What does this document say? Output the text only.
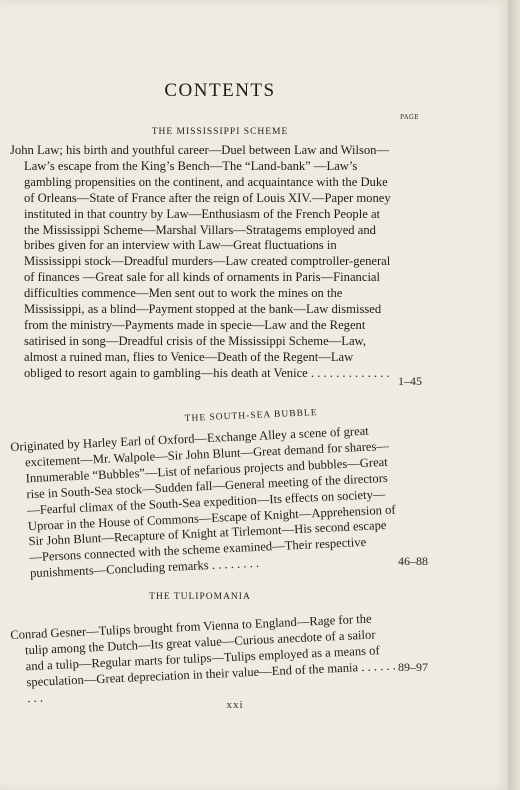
CONTENTS
PAGE
THE MISSISSIPPI SCHEME

John Law; his birth and youthful career—Duel between Law and Wilson—Law’s escape from the King’s Bench—The “Land-bank” —Law’s gambling propensities on the continent, and acquaintance with the Duke of Orleans—State of France after the reign of Louis XIV.—Paper money instituted in that country by Law—Enthusiasm of the French People at the Mississippi Scheme—Marshal Villars—Stratagems employed and bribes given for an interview with Law—Great fluctuations in Mississippi stock—Dreadful murders—Law created comptroller-general of finances —Great sale for all kinds of ornaments in Paris—Financial difficulties commence—Men sent out to work the mines on the Mississippi, as a blind—Payment stopped at the bank—Law dismissed from the ministry—Payments made in specie—Law and the Regent satirised in song—Dreadful crisis of the Mississippi Scheme—Law, almost a ruined man, flies to Venice—Death of the Regent—Law obliged to resort again to gambling—his death at Venice . . . . . . . . . . . . .

1–45
THE SOUTH-SEA BUBBLE

Originated by Harley Earl of Oxford—Exchange Alley a scene of great excitement—Mr. Walpole—Sir John Blunt—Great demand for shares—Innumerable “Bubbles”—List of nefarious projects and bubbles—Great rise in South-Sea stock—Sudden fall—General meeting of the directors—Fearful climax of the South-Sea expedition—Its effects on society—Uproar in the House of Commons—Escape of Knight—Apprehension of Sir John Blunt—Recapture of Knight at Tirlemont—His second escape—Persons connected with the scheme examined—Their respective punishments—Concluding remarks . . . . . . . .	46–88
THE TULIPOMANIA

Conrad Gesner—Tulips brought from Vienna to England—Rage for the tulip among the Dutch—Its great value—Curious anecdote of a sailor and a tulip—Regular marts for tulips—Tulips employed as a means of speculation—Great depreciation in their value—End of the mania . . . . . . . . .

89–97
xxi
